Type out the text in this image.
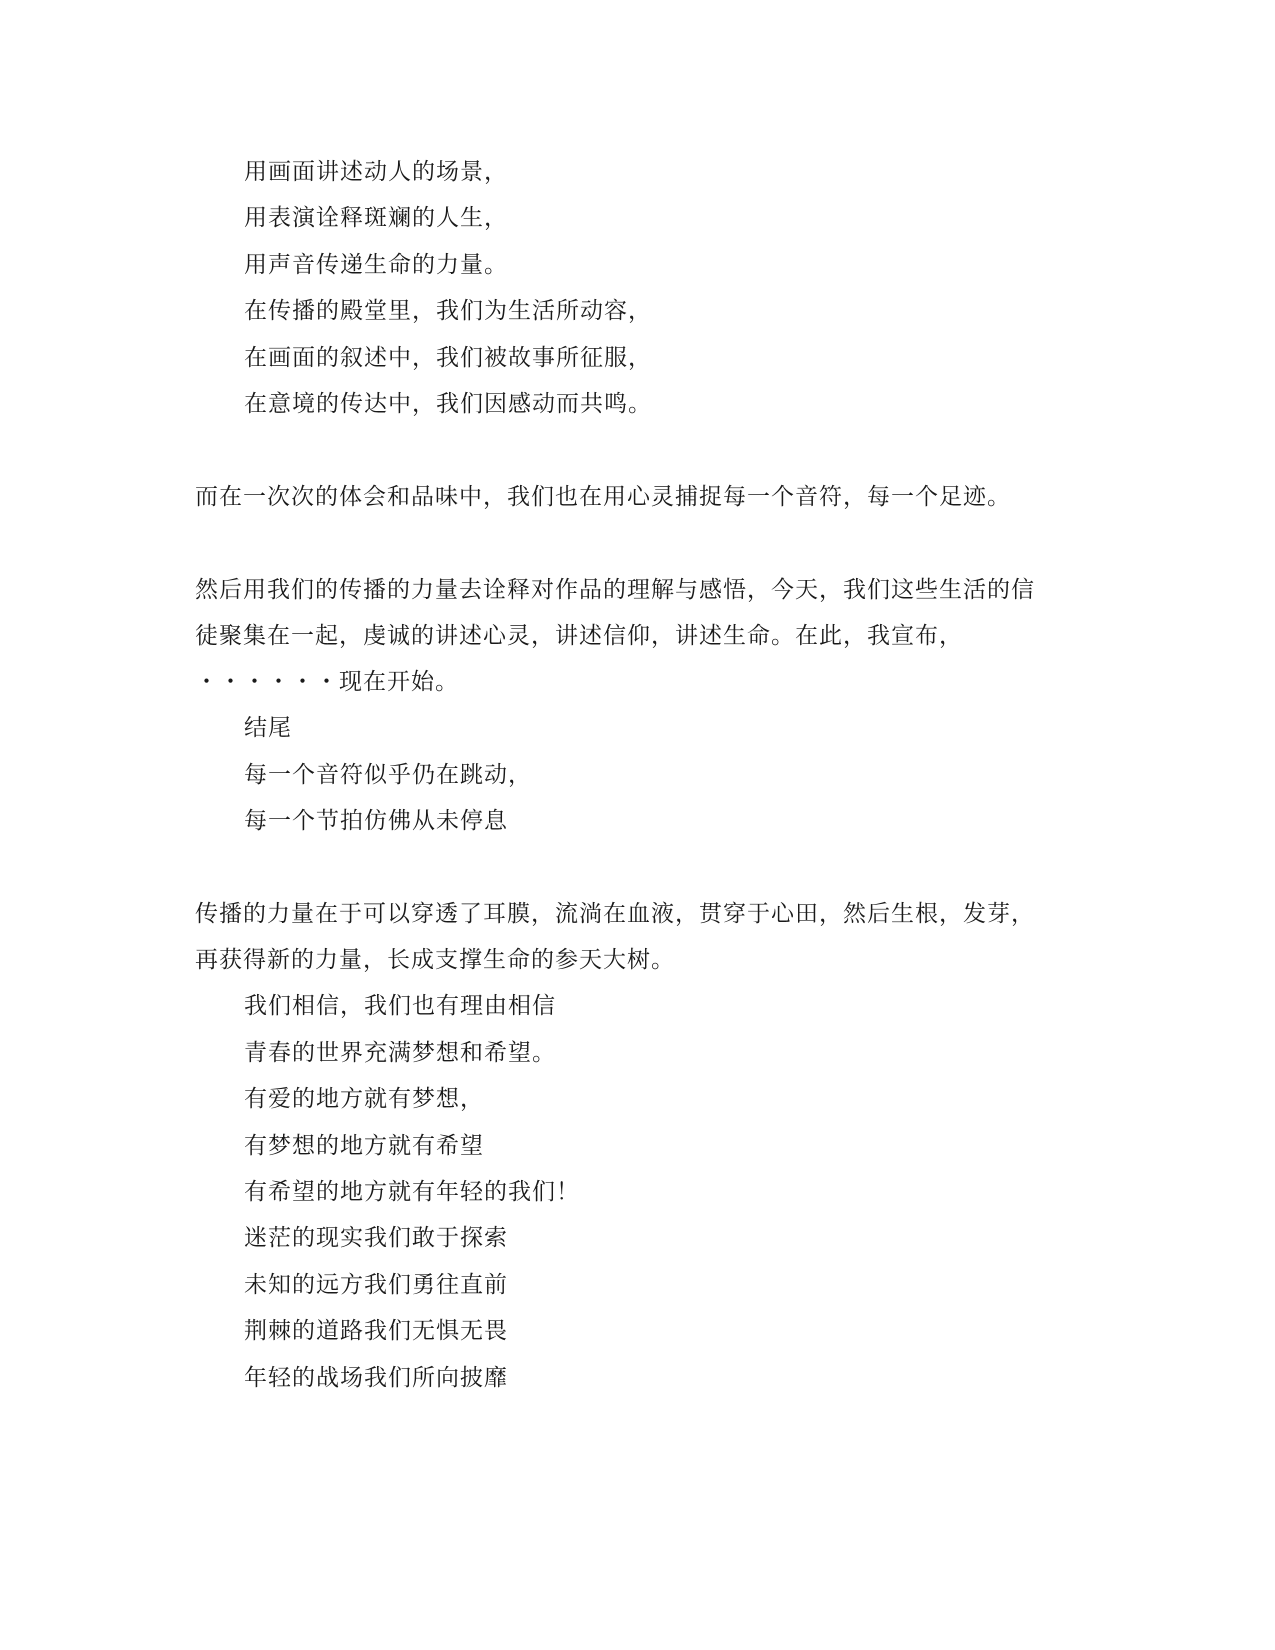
用画面讲述动人的场景，
用表演诠释斑斓的人生，
用声音传递生命的力量。
在传播的殿堂里，我们为生活所动容，
在画面的叙述中，我们被故事所征服，
在意境的传达中，我们因感动而共鸣。
而在一次次的体会和品味中，我们也在用心灵捕捉每一个音符，每一个足迹。
然后用我们的传播的力量去诠释对作品的理解与感悟，今天，我们这些生活的信
徒聚集在一起，虔诚的讲述心灵，讲述信仰，讲述生命。在此，我宣布，
・・・・・・现在开始。
结尾
每一个音符似乎仍在跳动，
每一个节拍仿佛从未停息
传播的力量在于可以穿透了耳膜，流淌在血液，贯穿于心田，然后生根，发芽，
再获得新的力量，长成支撑生命的参天大树。
我们相信，我们也有理由相信
青春的世界充满梦想和希望。
有爱的地方就有梦想，
有梦想的地方就有希望
有希望的地方就有年轻的我们！
迷茫的现实我们敢于探索
未知的远方我们勇往直前
荆棘的道路我们无惧无畏
年轻的战场我们所向披靡
